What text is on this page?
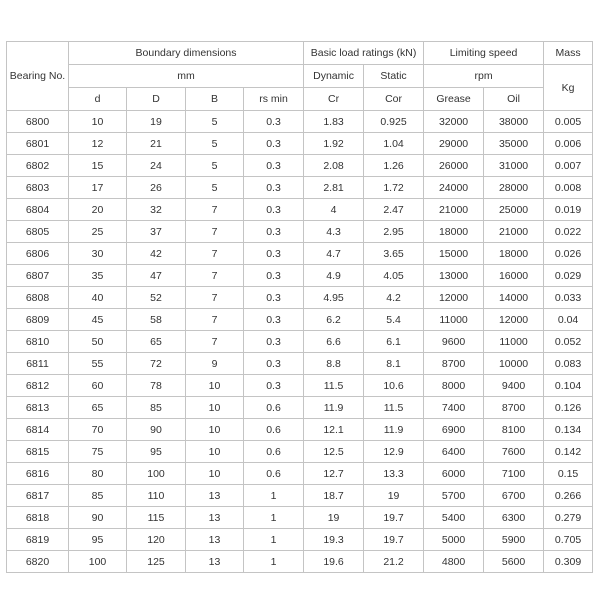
Bearing No.	Boundary dimensions				Basic load ratings (kN)		Limiting speed		Mass
	mm				Dynamic	Static	rpm		Kg
	d	D	B	rs min	Cr	Cor	Grease	Oil	
6800	10	19	5	0.3	1.83	0.925	32000	38000	0.005
6801	12	21	5	0.3	1.92	1.04	29000	35000	0.006
6802	15	24	5	0.3	2.08	1.26	26000	31000	0.007
6803	17	26	5	0.3	2.81	1.72	24000	28000	0.008
6804	20	32	7	0.3	4	2.47	21000	25000	0.019
6805	25	37	7	0.3	4.3	2.95	18000	21000	0.022
6806	30	42	7	0.3	4.7	3.65	15000	18000	0.026
6807	35	47	7	0.3	4.9	4.05	13000	16000	0.029
6808	40	52	7	0.3	4.95	4.2	12000	14000	0.033
6809	45	58	7	0.3	6.2	5.4	11000	12000	0.04
6810	50	65	7	0.3	6.6	6.1	9600	11000	0.052
6811	55	72	9	0.3	8.8	8.1	8700	10000	0.083
6812	60	78	10	0.3	11.5	10.6	8000	9400	0.104
6813	65	85	10	0.6	11.9	11.5	7400	8700	0.126
6814	70	90	10	0.6	12.1	11.9	6900	8100	0.134
6815	75	95	10	0.6	12.5	12.9	6400	7600	0.142
6816	80	100	10	0.6	12.7	13.3	6000	7100	0.15
6817	85	110	13	1	18.7	19	5700	6700	0.266
6818	90	115	13	1	19	19.7	5400	6300	0.279
6819	95	120	13	1	19.3	19.7	5000	5900	0.705
6820	100	125	13	1	19.6	21.2	4800	5600	0.309
